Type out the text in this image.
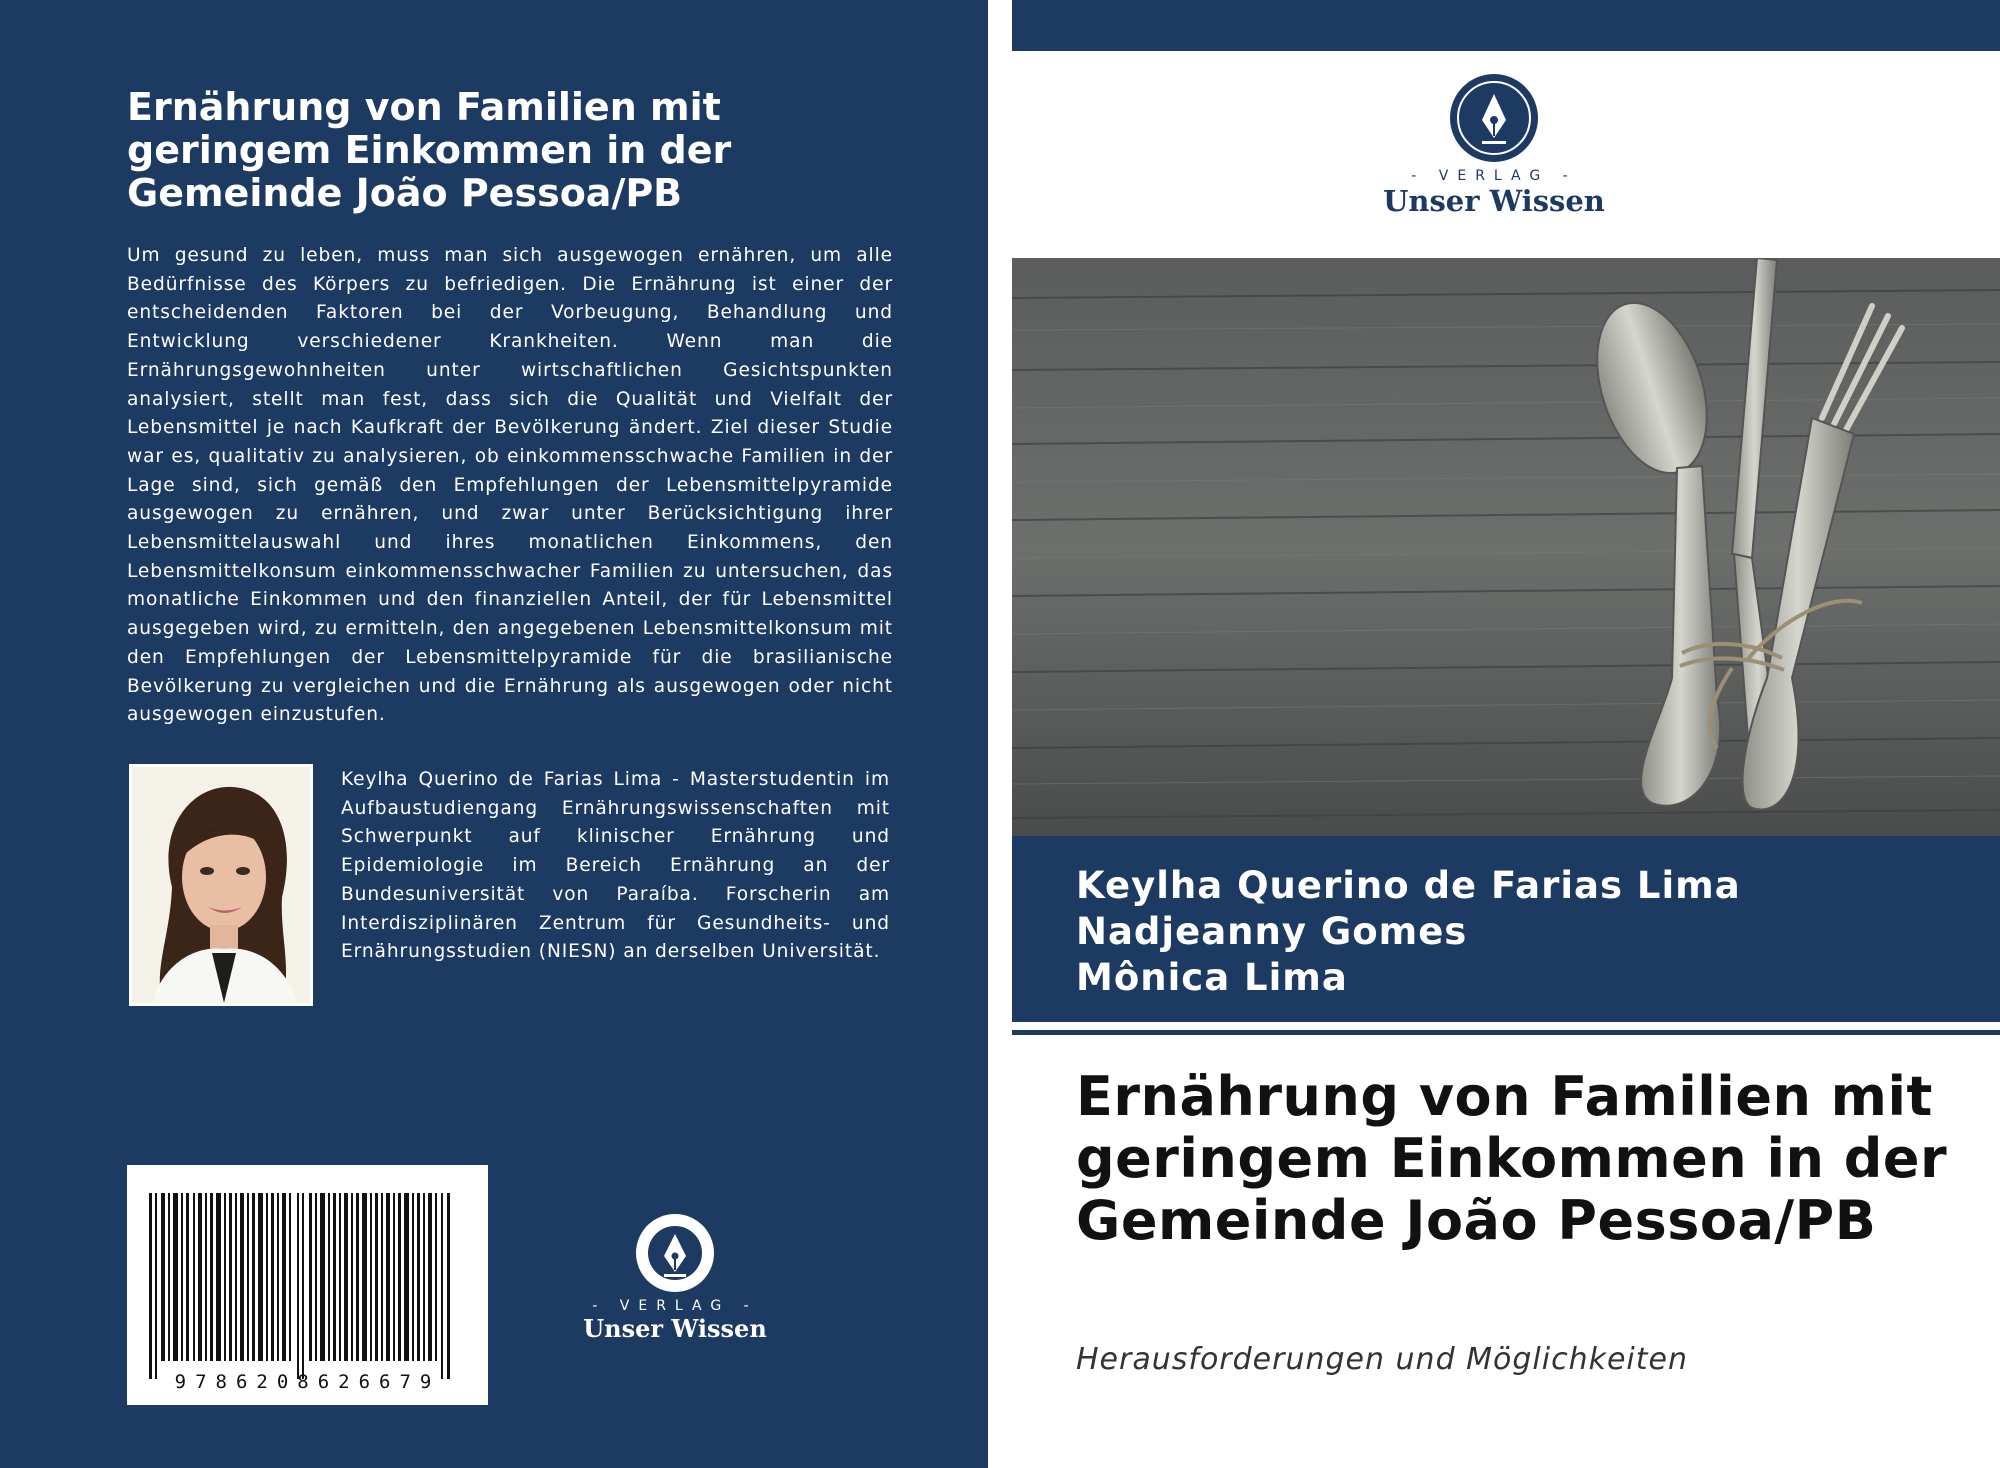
Ernährung von Familien mit geringem Einkommen in der Gemeinde João Pessoa/PB

Um gesund zu leben, muss man sich ausgewogen ernähren, um alle Bedürfnisse des Körpers zu befriedigen. Die Ernährung ist einer der entscheidenden Faktoren bei der Vorbeugung, Behandlung und Entwicklung verschiedener Krankheiten. Wenn man die Ernährungsgewohnheiten unter wirtschaftlichen Gesichtspunkten analysiert, stellt man fest, dass sich die Qualität und Vielfalt der Lebensmittel je nach Kaufkraft der Bevölkerung ändert. Ziel dieser Studie war es, qualitativ zu analysieren, ob einkommensschwache Familien in der Lage sind, sich gemäß den Empfehlungen der Lebensmittelpyramide ausgewogen zu ernähren, und zwar unter Berücksichtigung ihrer Lebensmittelauswahl und ihres monatlichen Einkommens, den Lebensmittelkonsum einkommensschwacher Familien zu untersuchen, das monatliche Einkommen und den finanziellen Anteil, der für Lebensmittel ausgegeben wird, zu ermitteln, den angegebenen Lebensmittelkonsum mit den Empfehlungen der Lebensmittelpyramide für die brasilianische Bevölkerung zu vergleichen und die Ernährung als ausgewogen oder nicht ausgewogen einzustufen.

Keylha Querino de Farias Lima - Masterstudentin im Aufbaustudiengang Ernährungswissenschaften mit Schwerpunkt auf klinischer Ernährung und Epidemiologie im Bereich Ernährung an der Bundesuniversität von Paraíba. Forscherin am Interdisziplinären Zentrum für Gesundheits- und Ernährungsstudien (NIESN) an derselben Universität.

9786208626679
- VERLAG -
Unser Wissen
- VERLAG -
Unser Wissen
Keylha Querino de Farias Lima
Nadjeanny Gomes
Mônica Lima
Ernährung von Familien mit geringem Einkommen in der Gemeinde João Pessoa/PB
Herausforderungen und Möglichkeiten
